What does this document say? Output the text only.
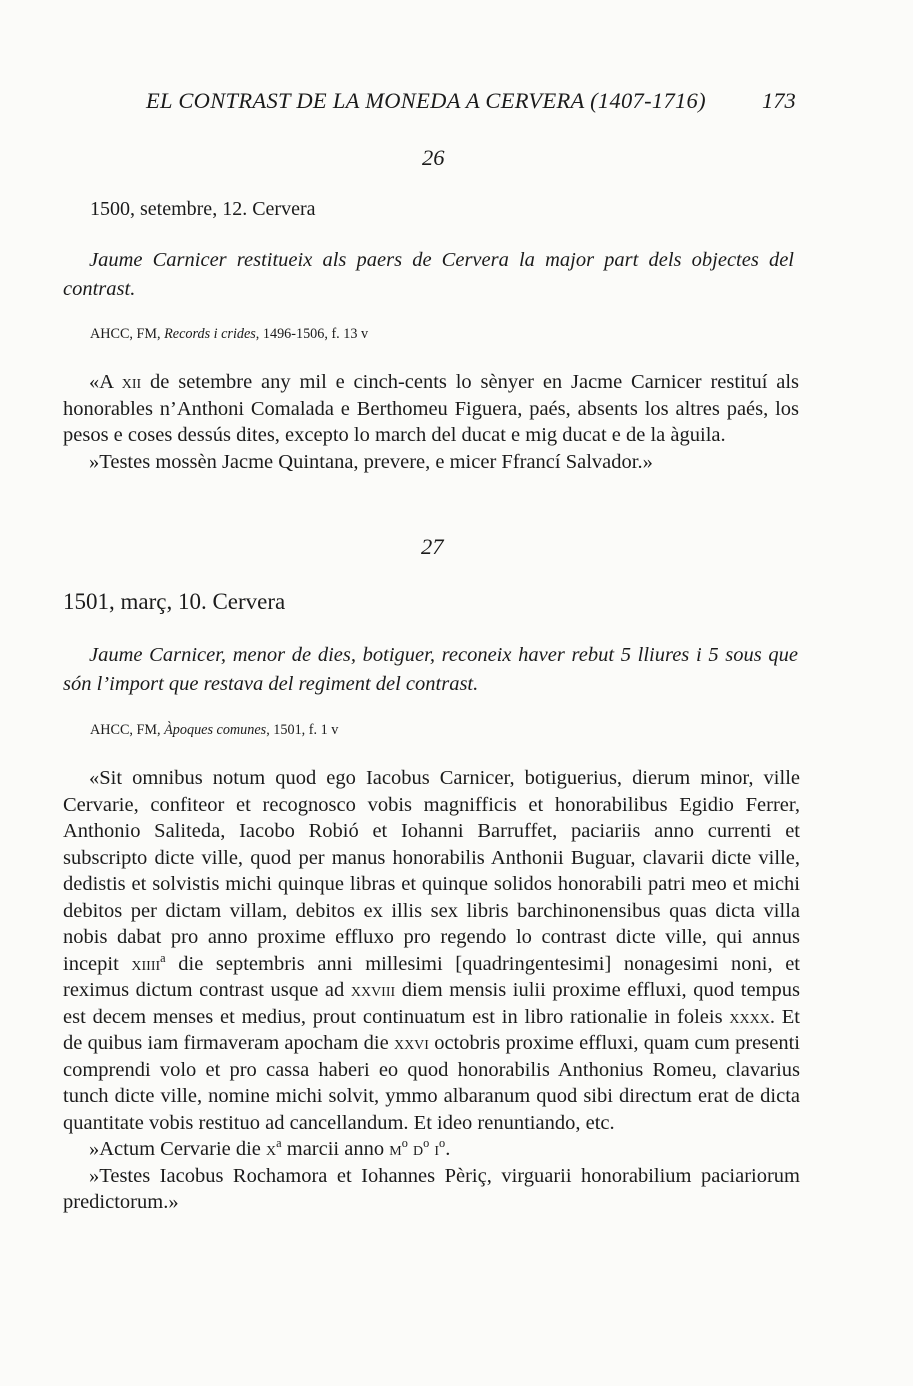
EL CONTRAST DE LA MONEDA A CERVERA (1407-1716) 173
26
1500, setembre, 12. Cervera
Jaume Carnicer restitueix als paers de Cervera la major part dels objectes del contrast.
AHCC, FM, Records i crides, 1496-1506, f. 13 v

«A xii de setembre any mil e cinch-cents lo sènyer en Jacme Carnicer restituí als honorables n’Anthoni Comalada e Berthomeu Figuera, paés, absents los altres paés, los pesos e coses dessús dites, excepto lo march del ducat e mig ducat e de la àguila.

»Testes mossèn Jacme Quintana, prevere, e micer Ffrancí Salvador.»

27
1501, març, 10. Cervera
Jaume Carnicer, menor de dies, botiguer, reconeix haver rebut 5 lliures i 5 sous que són l’import que restava del regiment del contrast.
AHCC, FM, Àpoques comunes, 1501, f. 1 v

«Sit omnibus notum quod ego Iacobus Carnicer, botiguerius, dierum minor, ville Cervarie, confiteor et recognosco vobis magnifficis et honorabilibus Egidio Ferrer, Anthonio Saliteda, Iacobo Robió et Iohanni Barruffet, paciariis anno currenti et subscripto dicte ville, quod per manus honorabilis Anthonii Buguar, clavarii dicte ville, dedistis et solvistis michi quinque libras et quinque solidos honorabili patri meo et michi debitos per dictam villam, debitos ex illis sex libris barchinonensibus quas dicta villa nobis dabat pro anno proxime effluxo pro regendo lo contrast dicte ville, qui annus incepit xiiii$^a$ die septembris anni millesimi [quadringentesimi] nonagesimi noni, et reximus dictum contrast usque ad xxviii diem mensis iulii proxime effluxi, quod tempus est decem menses et medius, prout continuatum est in libro rationalie in foleis xxxx. Et de quibus iam firmaveram apocham die xxvi octobris proxime effluxi, quam cum presenti comprendi volo et pro cassa haberi eo quod honorabilis Anthonius Romeu, clavarius tunch dicte ville, nomine michi solvit, ymmo albaranum quod sibi directum erat de dicta quantitate vobis restituo ad cancellandum. Et ideo renuntiando, etc.

»Actum Cervarie die $x^a$ marcii anno $m^o$ $d^o$ $i^o$.

»Testes Iacobus Rochamora et Iohannes Pèriç, virguarii honorabilium paciariorum predictorum.»
